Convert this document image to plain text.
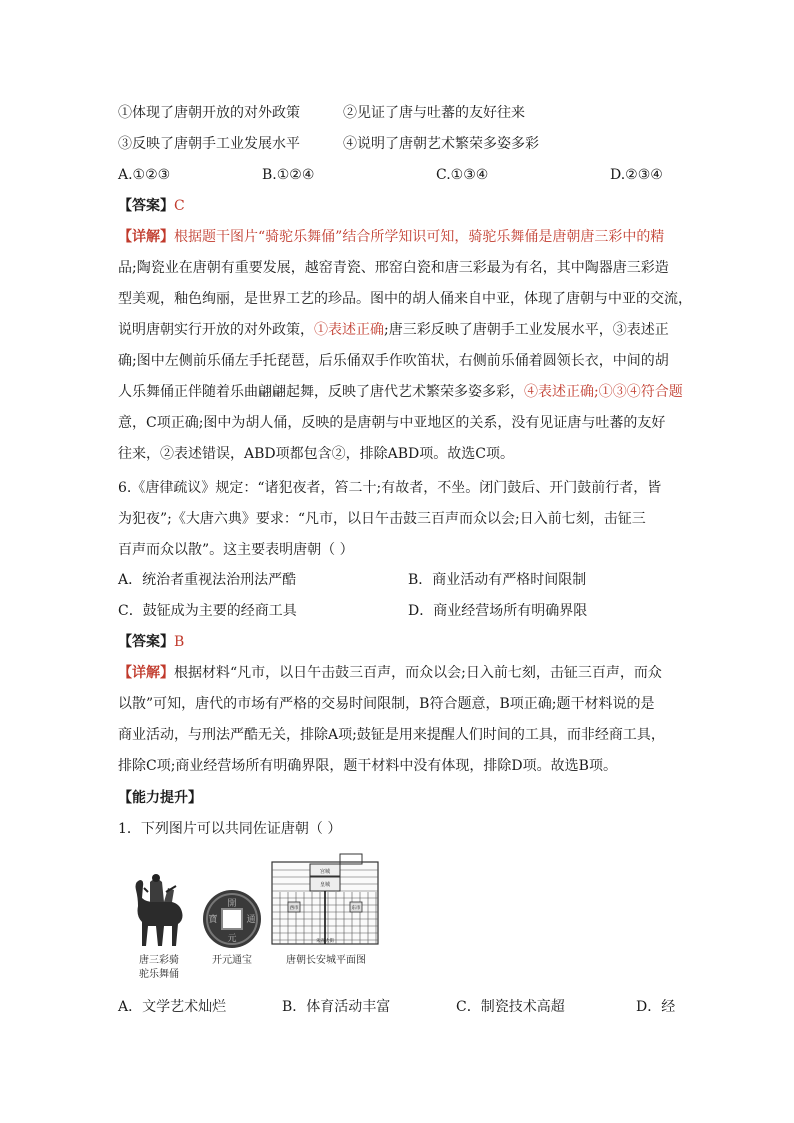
①体现了唐朝开放的对外政策	②见证了唐与吐蕃的友好往来
③反映了唐朝手工业发展水平	④说明了唐朝艺术繁荣多姿多彩
A.①②③	B.①②④	C.①③④	D.②③④
【答案】C
【详解】根据题干图片“骑驼乐舞俑”结合所学知识可知，骑驼乐舞俑是唐朝唐三彩中的精
品;陶瓷业在唐朝有重要发展，越窑青瓷、邢窑白瓷和唐三彩最为有名，其中陶器唐三彩造
型美观，釉色绚丽，是世界工艺的珍品。图中的胡人俑来自中亚，体现了唐朝与中亚的交流，
说明唐朝实行开放的对外政策，①表述正确;唐三彩反映了唐朝手工业发展水平，③表述正
确;图中左侧前乐俑左手托琵琶，后乐俑双手作吹笛状，右侧前乐俑着圆领长衣，中间的胡
人乐舞俑正伴随着乐曲翩翩起舞，反映了唐代艺术繁荣多姿多彩，④表述正确;①③④符合题
意，C项正确;图中为胡人俑，反映的是唐朝与中亚地区的关系，没有见证唐与吐蕃的友好
往来，②表述错误，ABD项都包含②，排除ABD项。故选C项。
6.《唐律疏议》规定：“诸犯夜者，笞二十;有故者，不坐。闭门鼓后、开门鼓前行者，皆
为犯夜”;《大唐六典》要求：“凡市，以日午击鼓三百声而众以会;日入前七刻，击钲三
百声而众以散”。这主要表明唐朝（ ）
A．统治者重视法治刑法严酷	B．商业活动有严格时间限制
C．鼓钲成为主要的经商工具	D．商业经营场所有明确界限
【答案】B
【详解】根据材料“凡市，以日午击鼓三百声，而众以会;日入前七刻，击钲三百声，而众
以散”可知，唐代的市场有严格的交易时间限制，B符合题意，B项正确;题干材料说的是
商业活动，与刑法严酷无关，排除A项;鼓钲是用来提醒人们时间的工具，而非经商工具，
排除C项;商业经营场所有明确界限，题干材料中没有体现，排除D项。故选B项。
【能力提升】
1．下列图片可以共同佐证唐朝（ ）
唐三彩骑
驼乐舞俑
開
元
通
寶
开元通宝
宫城
皇城
东市
西市
朱雀大街
唐朝长安城平面图
A．文学艺术灿烂	B．体育活动丰富	C．制瓷技术高超	D．经
